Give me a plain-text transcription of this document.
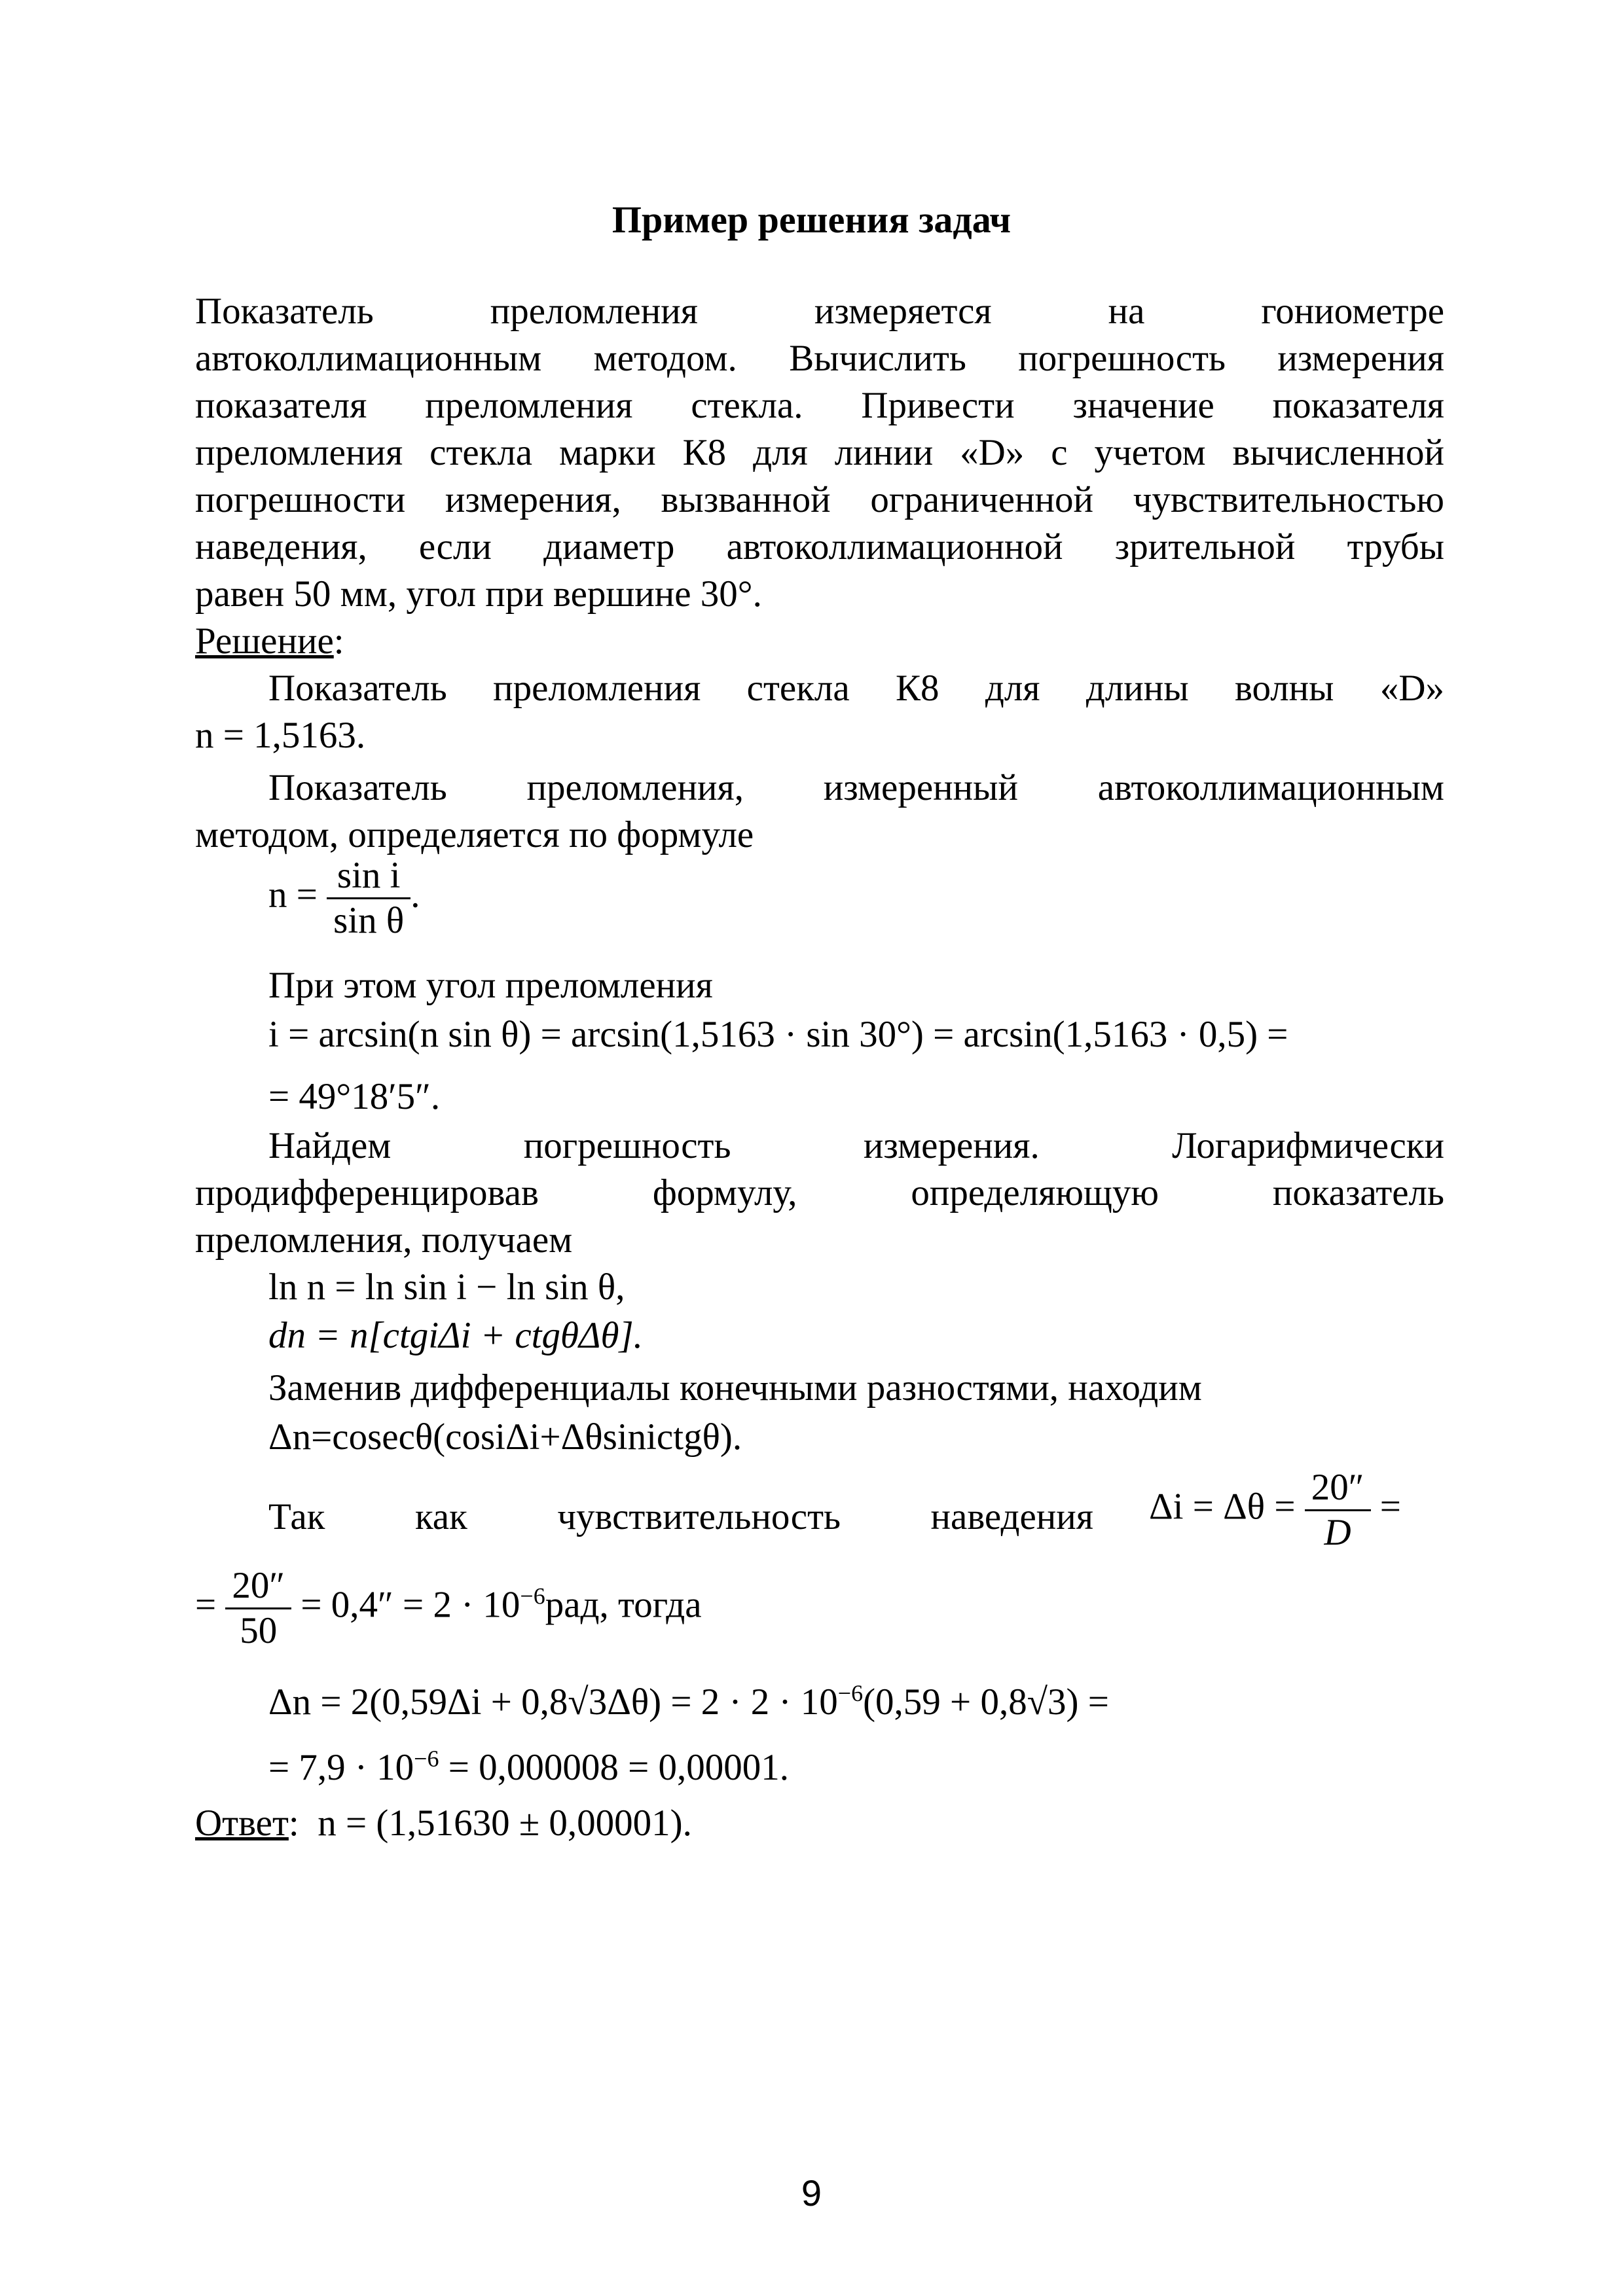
Пример решения задач
Показатель преломления измеряется на гониометре
автоколлимационным методом. Вычислить погрешность измерения
показателя преломления стекла. Привести значение показателя
преломления стекла марки К8 для линии «D» с учетом вычисленной
погрешности измерения, вызванной ограниченной чувствительностью
наведения, если диаметр автоколлимационной зрительной трубы
равен 50 мм, угол при вершине 30°.
Решение:
Показатель преломления стекла К8 для длины волны «D»
n = 1,5163.
Показатель преломления, измеренный автоколлимационным
методом, определяется по формуле
$n = \frac{\text{sin i}}{\text{sin θ}}$ .
При этом угол преломления
i = arcsin(n sin θ) = arcsin(1,5163 · sin 30°) = arcsin(1,5163 · 0,5) =
= 49°18′5″.
Найдем погрешность измерения. Логарифмически
продифференцировав формулу, определяющую показатель
преломления, получаем
ln n = ln sin i − ln sin θ,
dn = n[ctgiΔi + ctgθΔθ].
Заменив дифференциалы конечными разностями, находим
Δn=cosecθ(cosiΔi+Δθsinictgθ).
Так как чувствительность наведения $\Delta i = \Delta\theta = \frac{20''}{D}$ =
= $\frac{20''}{50} = 0,4'' = 2 \cdot 10^{-6}рад$, тогда
$\Delta n = 2(0,59\Delta i + 0,8√3\Delta\theta) = 2 \cdot 2 \cdot 10^{-6}(0,59 + 0,8√3)$ =
= $7,9 \cdot 10^{-6} = 0,000008 = 0,00001$.
Ответ:  n = (1,51630 ± 0,00001).
9
